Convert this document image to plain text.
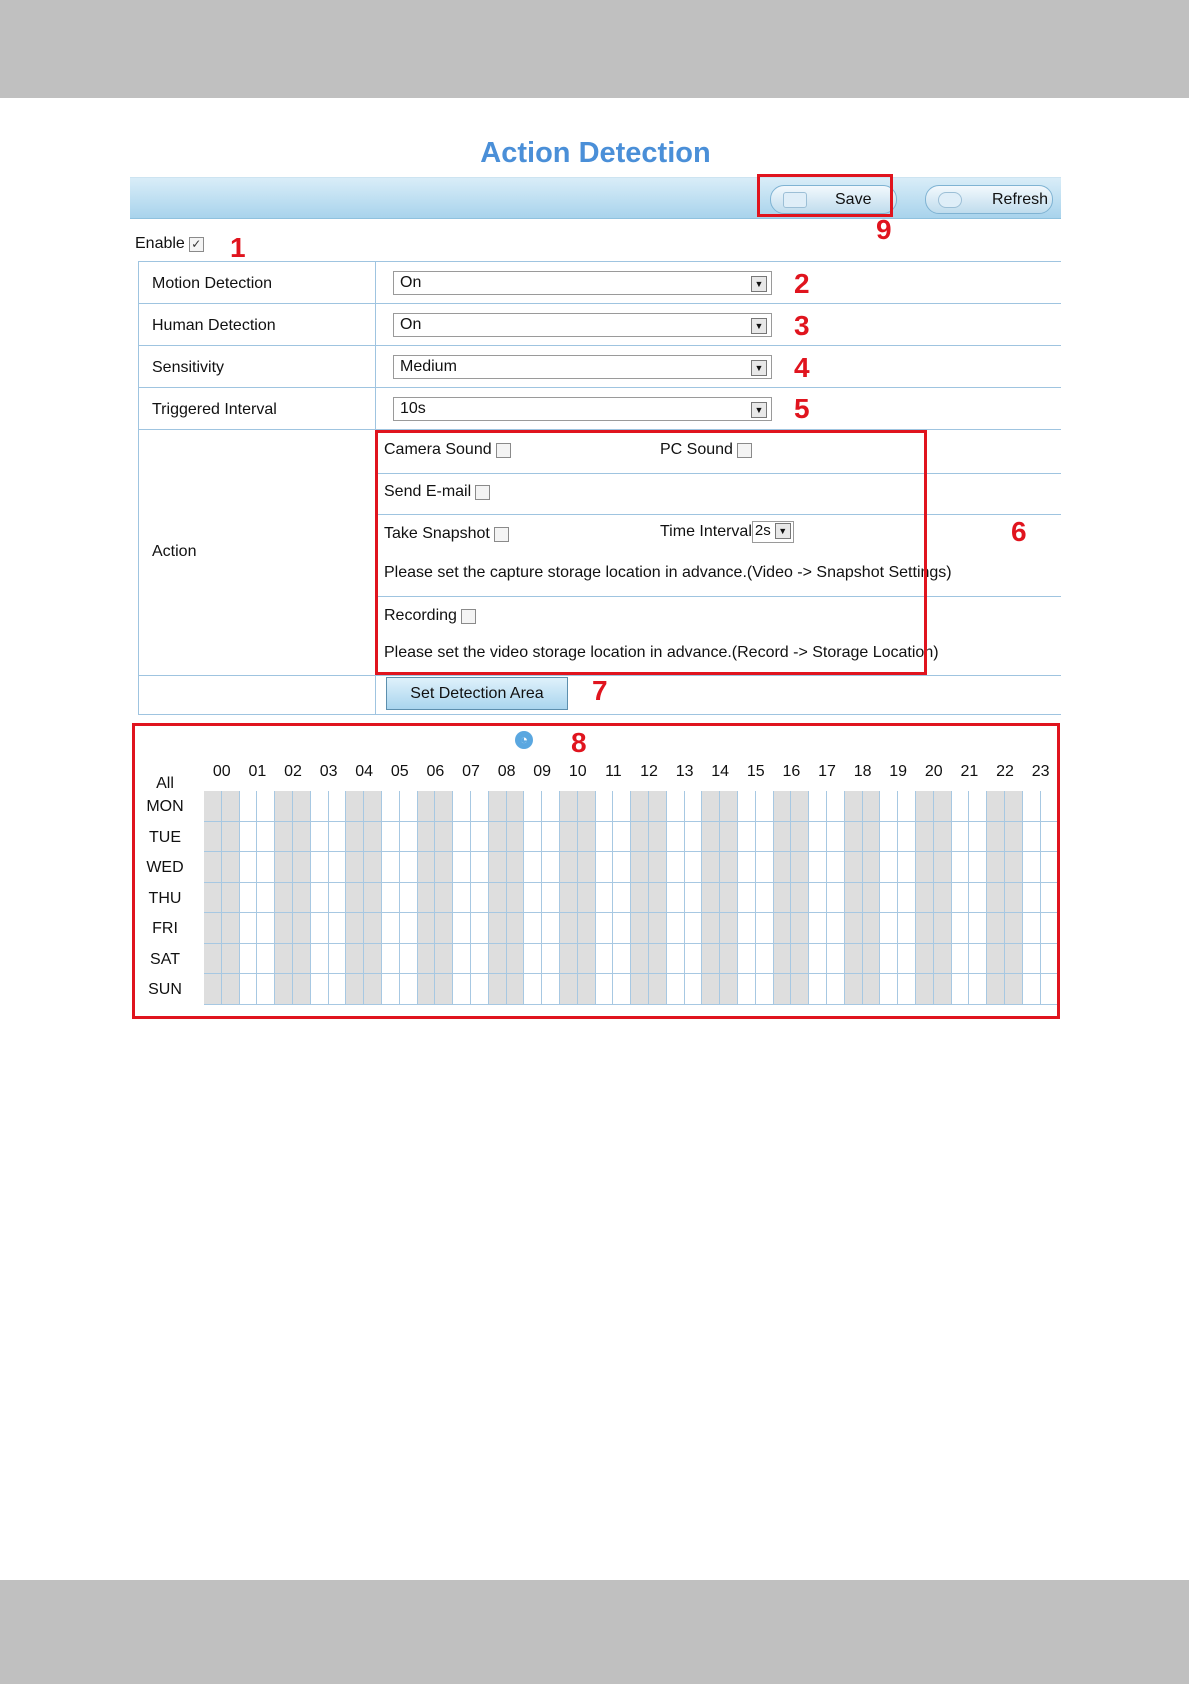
Action Detection
Save	Refresh
Enable ✓
Motion Detection	On	▼
Human Detection	On	▼
Sensitivity	Medium	▼
Triggered Interval	10s	▼
Action
Camera Sound	PC Sound
Send E-mail
Take Snapshot	Time Interval 2s ▼
Please set the capture storage location in advance.(Video -> Snapshot Settings)
Recording
Please set the video storage location in advance.(Record -> Storage Location)
Set Detection Area
◔
All
00	01	02	03	04	05	06	07	08	09	10	11	12	13	14	15	16	17	18	19	20	21	22	23
MON
TUE
WED
THU
FRI
SAT
SUN
1
2
3
4
5
6
7
8
9
